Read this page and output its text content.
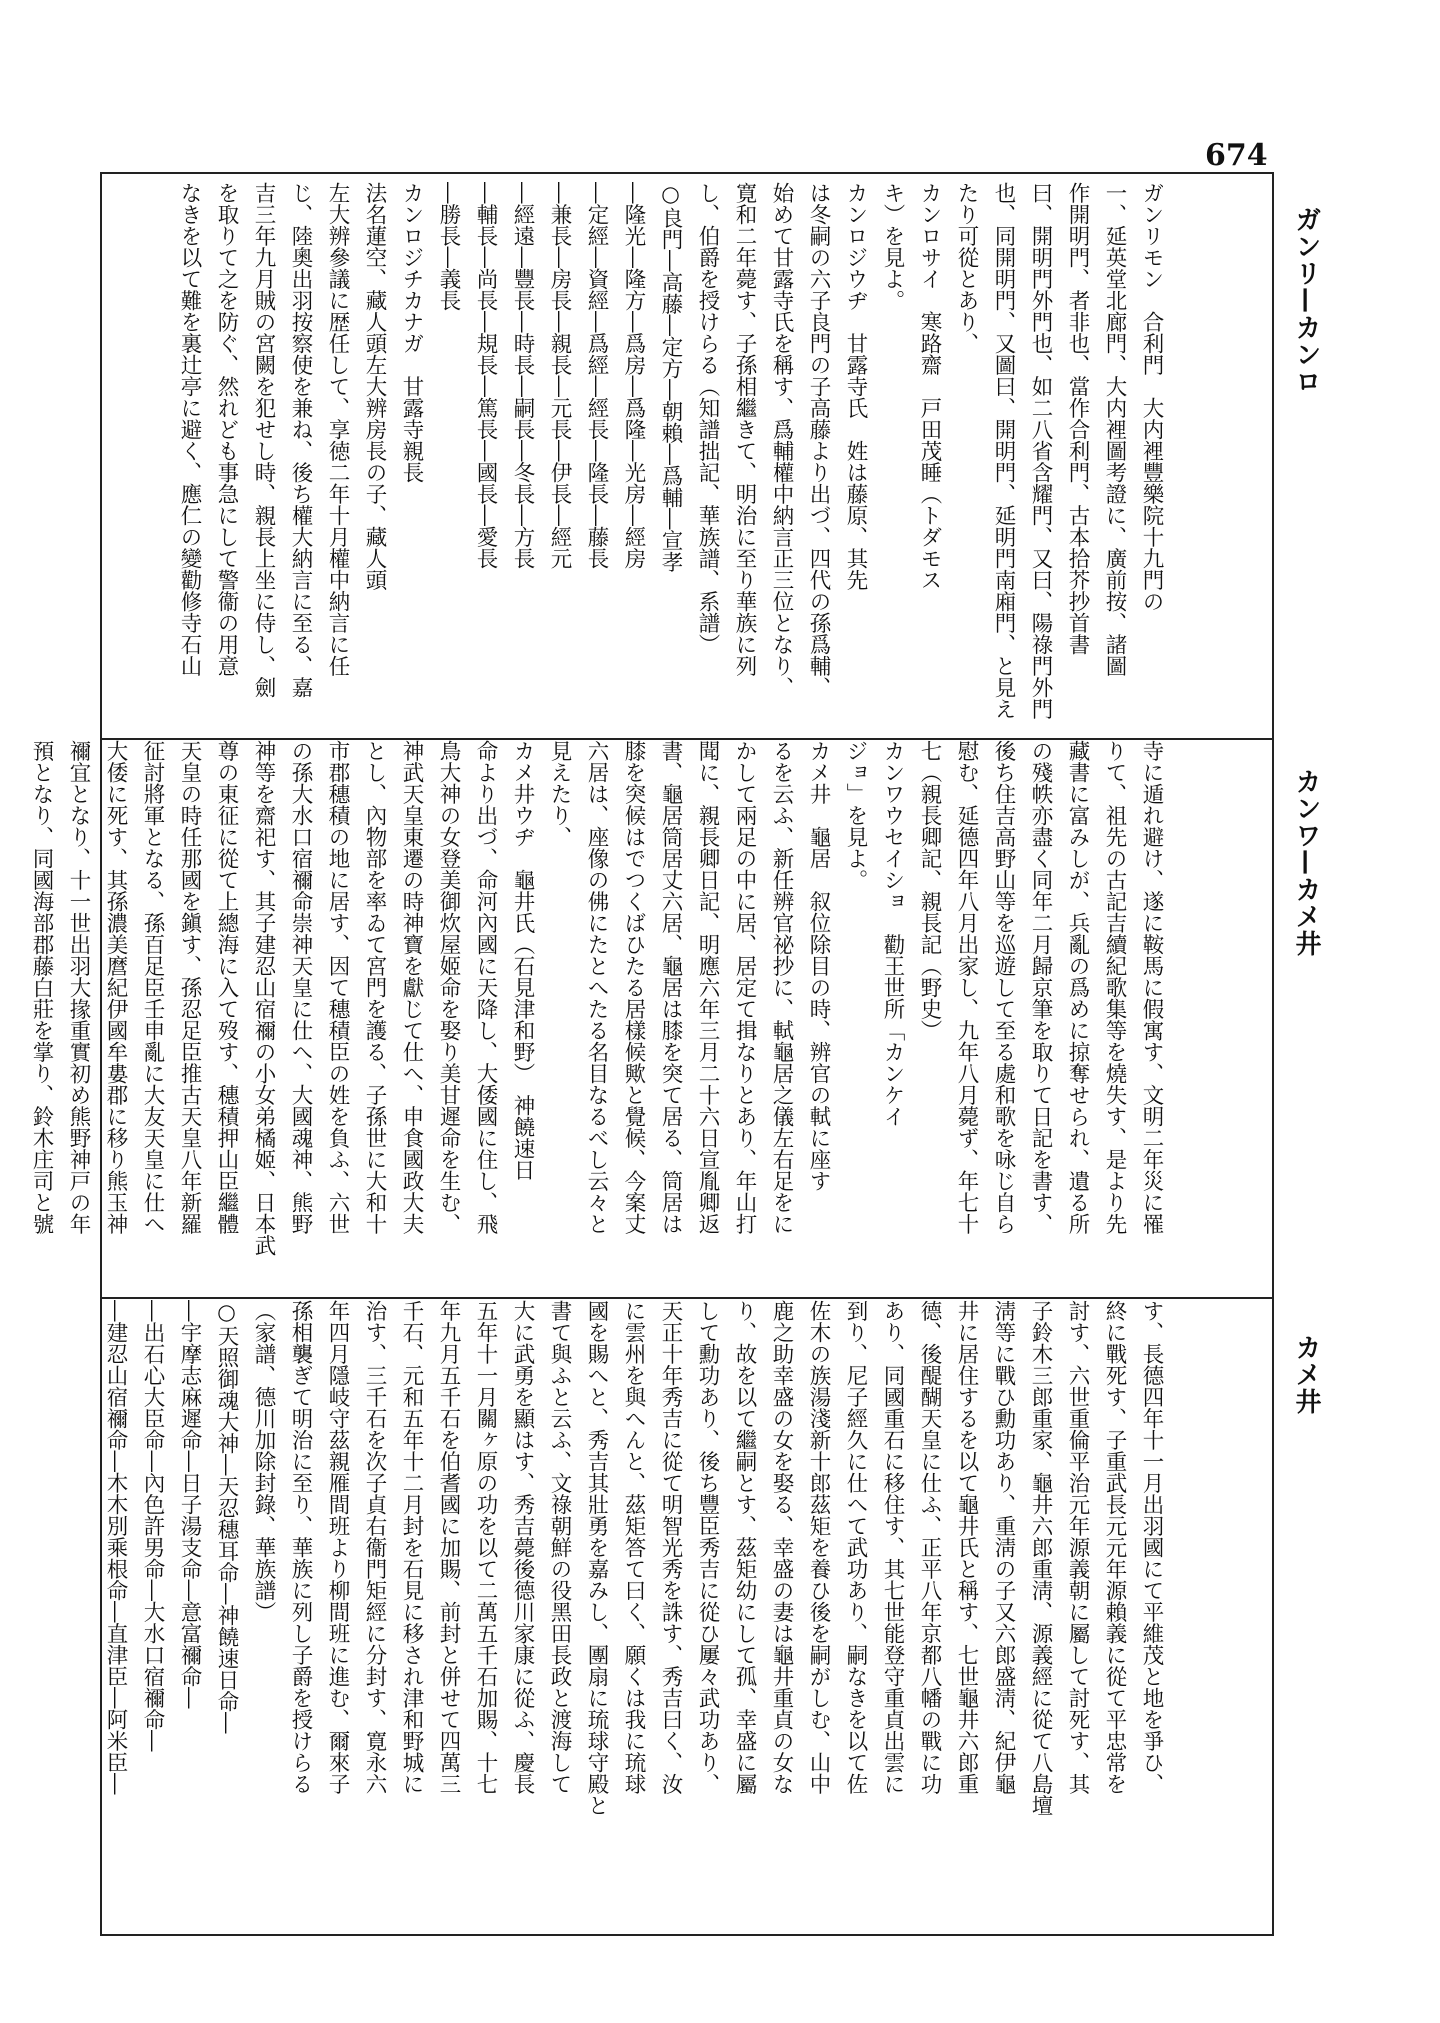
674
ガンリ—カンロ
カンワ—カメ井
カメ井
ガンリモン　合利門　大内裡豐樂院十九門の
一、延英堂北廊門、大内裡圖考證に、廣前按、諸圖
作開明門、者非也、當作合利門、古本拾芥抄首書
曰、開明門外門也、如二八省含耀門、又曰、陽祿門外門
也、同開明門、又圖曰、開明門、延明門南廂門、と見え
たり可從とあり、
カンロサイ　寒路齋　戸田茂睡（トダモス
キ）を見よ。
カンロジウヂ　甘露寺氏　姓は藤原、其先
は冬嗣の六子良門の子高藤より出づ、四代の孫爲輔、
始めて甘露寺氏を稱す、爲輔權中納言正三位となり、
寛和二年薨す、子孫相繼きて、明治に至り華族に列
し、伯爵を授けらる（知譜拙記、華族譜、系譜）
○良門―高藤―定方―朝賴―爲輔―宣孝
―隆光―隆方―爲房―爲隆―光房―經房
―定經―資經―爲經―經長―隆長―藤長
―兼長―房長―親長―元長―伊長―經元
―經遠―豐長―時長―嗣長―冬長―方長
―輔長―尚長―規長―篤長―國長―愛長
―勝長―義長
カンロジチカナガ　甘露寺親長
法名蓮空、藏人頭左大辨房長の子、藏人頭
左大辨參議に歴任して、享徳二年十月權中納言に任
じ、陸奧出羽按察使を兼ね、後ち權大納言に至る、嘉
吉三年九月賊の宮闕を犯せし時、親長上坐に侍し、劍
を取りて之を防ぐ、然れども事急にして警衞の用意
なきを以て難を裏辻亭に避く、應仁の變勸修寺石山
寺に遁れ避け、遂に鞍馬に假寓す、文明二年災に罹
りて、祖先の古記吉續紀歌集等を燒失す、是より先
藏書に富みしが、兵亂の爲めに掠奪せられ、遺る所
の殘帙亦盡く同年二月歸京筆を取りて日記を書す、
後ち住吉高野山等を巡遊して至る處和歌を咏じ自ら
慰む、延德四年八月出家し、九年八月薨ず、年七十
七（親長卿記、親長記（野史）
カンワウセイショ　勸王世所「カンケイ
ジョ」を見よ。
カメ井　龜居　叙位除目の時、辨官の軾に座す
るを云ふ、新任辨官祕抄に、軾龜居之儀左右足をに
かして兩足の中に居、居定て揖なりとあり、年山打
聞に、親長卿日記、明應六年三月二十六日宣胤卿返
書、龜居筒居丈六居、龜居は膝を突て居る、筒居は
膝を突候はでつくばひたる居樣候歟と覺候、今案丈
六居は、座像の佛にたとへたる名目なるべし云々と
見えたり、
カメ井ウヂ　龜井氏（石見津和野）　神饒速日
命より出づ、命河內國に天降し、大倭國に住し、飛
鳥大神の女登美御炊屋姬命を娶り美甘遲命を生む、
神武天皇東遷の時神寶を獻じて仕へ、申食國政大夫
とし、內物部を率ゐて宮門を護る、子孫世に大和十
市郡穗積の地に居す、因て穗積臣の姓を負ふ、六世
の孫大水口宿禰命崇神天皇に仕へ、大國魂神、熊野
神等を齋祀す、其子建忍山宿禰の小女弟橘姬、日本武
尊の東征に從て上總海に入て歿す、穗積押山臣繼體
天皇の時任那國を鎭す、孫忍足臣推古天皇八年新羅
征討將軍となる、孫百足臣壬申亂に大友天皇に仕へ
大倭に死す、其孫濃美麿紀伊國牟婁郡に移り熊玉神
禰宜となり、十一世出羽大掾重實初め熊野神戸の年
預となり、同國海部郡藤白莊を掌り、鈴木庄司と號
す、長德四年十一月出羽國にて平維茂と地を爭ひ、
終に戰死す、子重武長元元年源賴義に從て平忠常を
討す、六世重倫平治元年源義朝に屬して討死す、其
子鈴木三郎重家、龜井六郎重淸、源義經に從て八島壇
淸等に戰ひ勳功あり、重淸の子又六郎盛淸、紀伊龜
井に居住するを以て龜井氏と稱す、七世龜井六郎重
德、後醍醐天皇に仕ふ、正平八年京都八幡の戰に功
あり、同國重石に移住す、其七世能登守重貞出雲に
到り、尼子經久に仕へて武功あり、嗣なきを以て佐
佐木の族湯淺新十郎茲矩を養ひ後を嗣がしむ、山中
鹿之助幸盛の女を娶る、幸盛の妻は龜井重貞の女な
り、故を以て繼嗣とす、茲矩幼にして孤、幸盛に屬
して勳功あり、後ち豐臣秀吉に從ひ屢々武功あり、
天正十年秀吉に從て明智光秀を誅す、秀吉曰く、汝
に雲州を與へんと、茲矩答て曰く、願くは我に琉球
國を賜へと、秀吉其壯勇を嘉みし、團扇に琉球守殿と
書て與ふと云ふ、文祿朝鮮の役黑田長政と渡海して
大に武勇を顯はす、秀吉薨後德川家康に從ふ、慶長
五年十一月關ヶ原の功を以て二萬五千石加賜、十七
年九月五千石を伯耆國に加賜、前封と併せて四萬三
千石、元和五年十二月封を石見に移され津和野城に
治す、三千石を次子貞右衞門矩經に分封す、寛永六
年四月隱岐守茲親雁間班より柳間班に進む、爾來子
孫相襲ぎて明治に至り、華族に列し子爵を授けらる
（家譜、德川加除封錄、華族譜）
○天照御魂大神―天忍穗耳命―神饒速日命―
―宇摩志麻遲命―日子湯支命―意富禰命―
―出石心大臣命―內色許男命―大水口宿禰命―
―建忍山宿禰命―木木別乘根命―直津臣―阿米臣―
